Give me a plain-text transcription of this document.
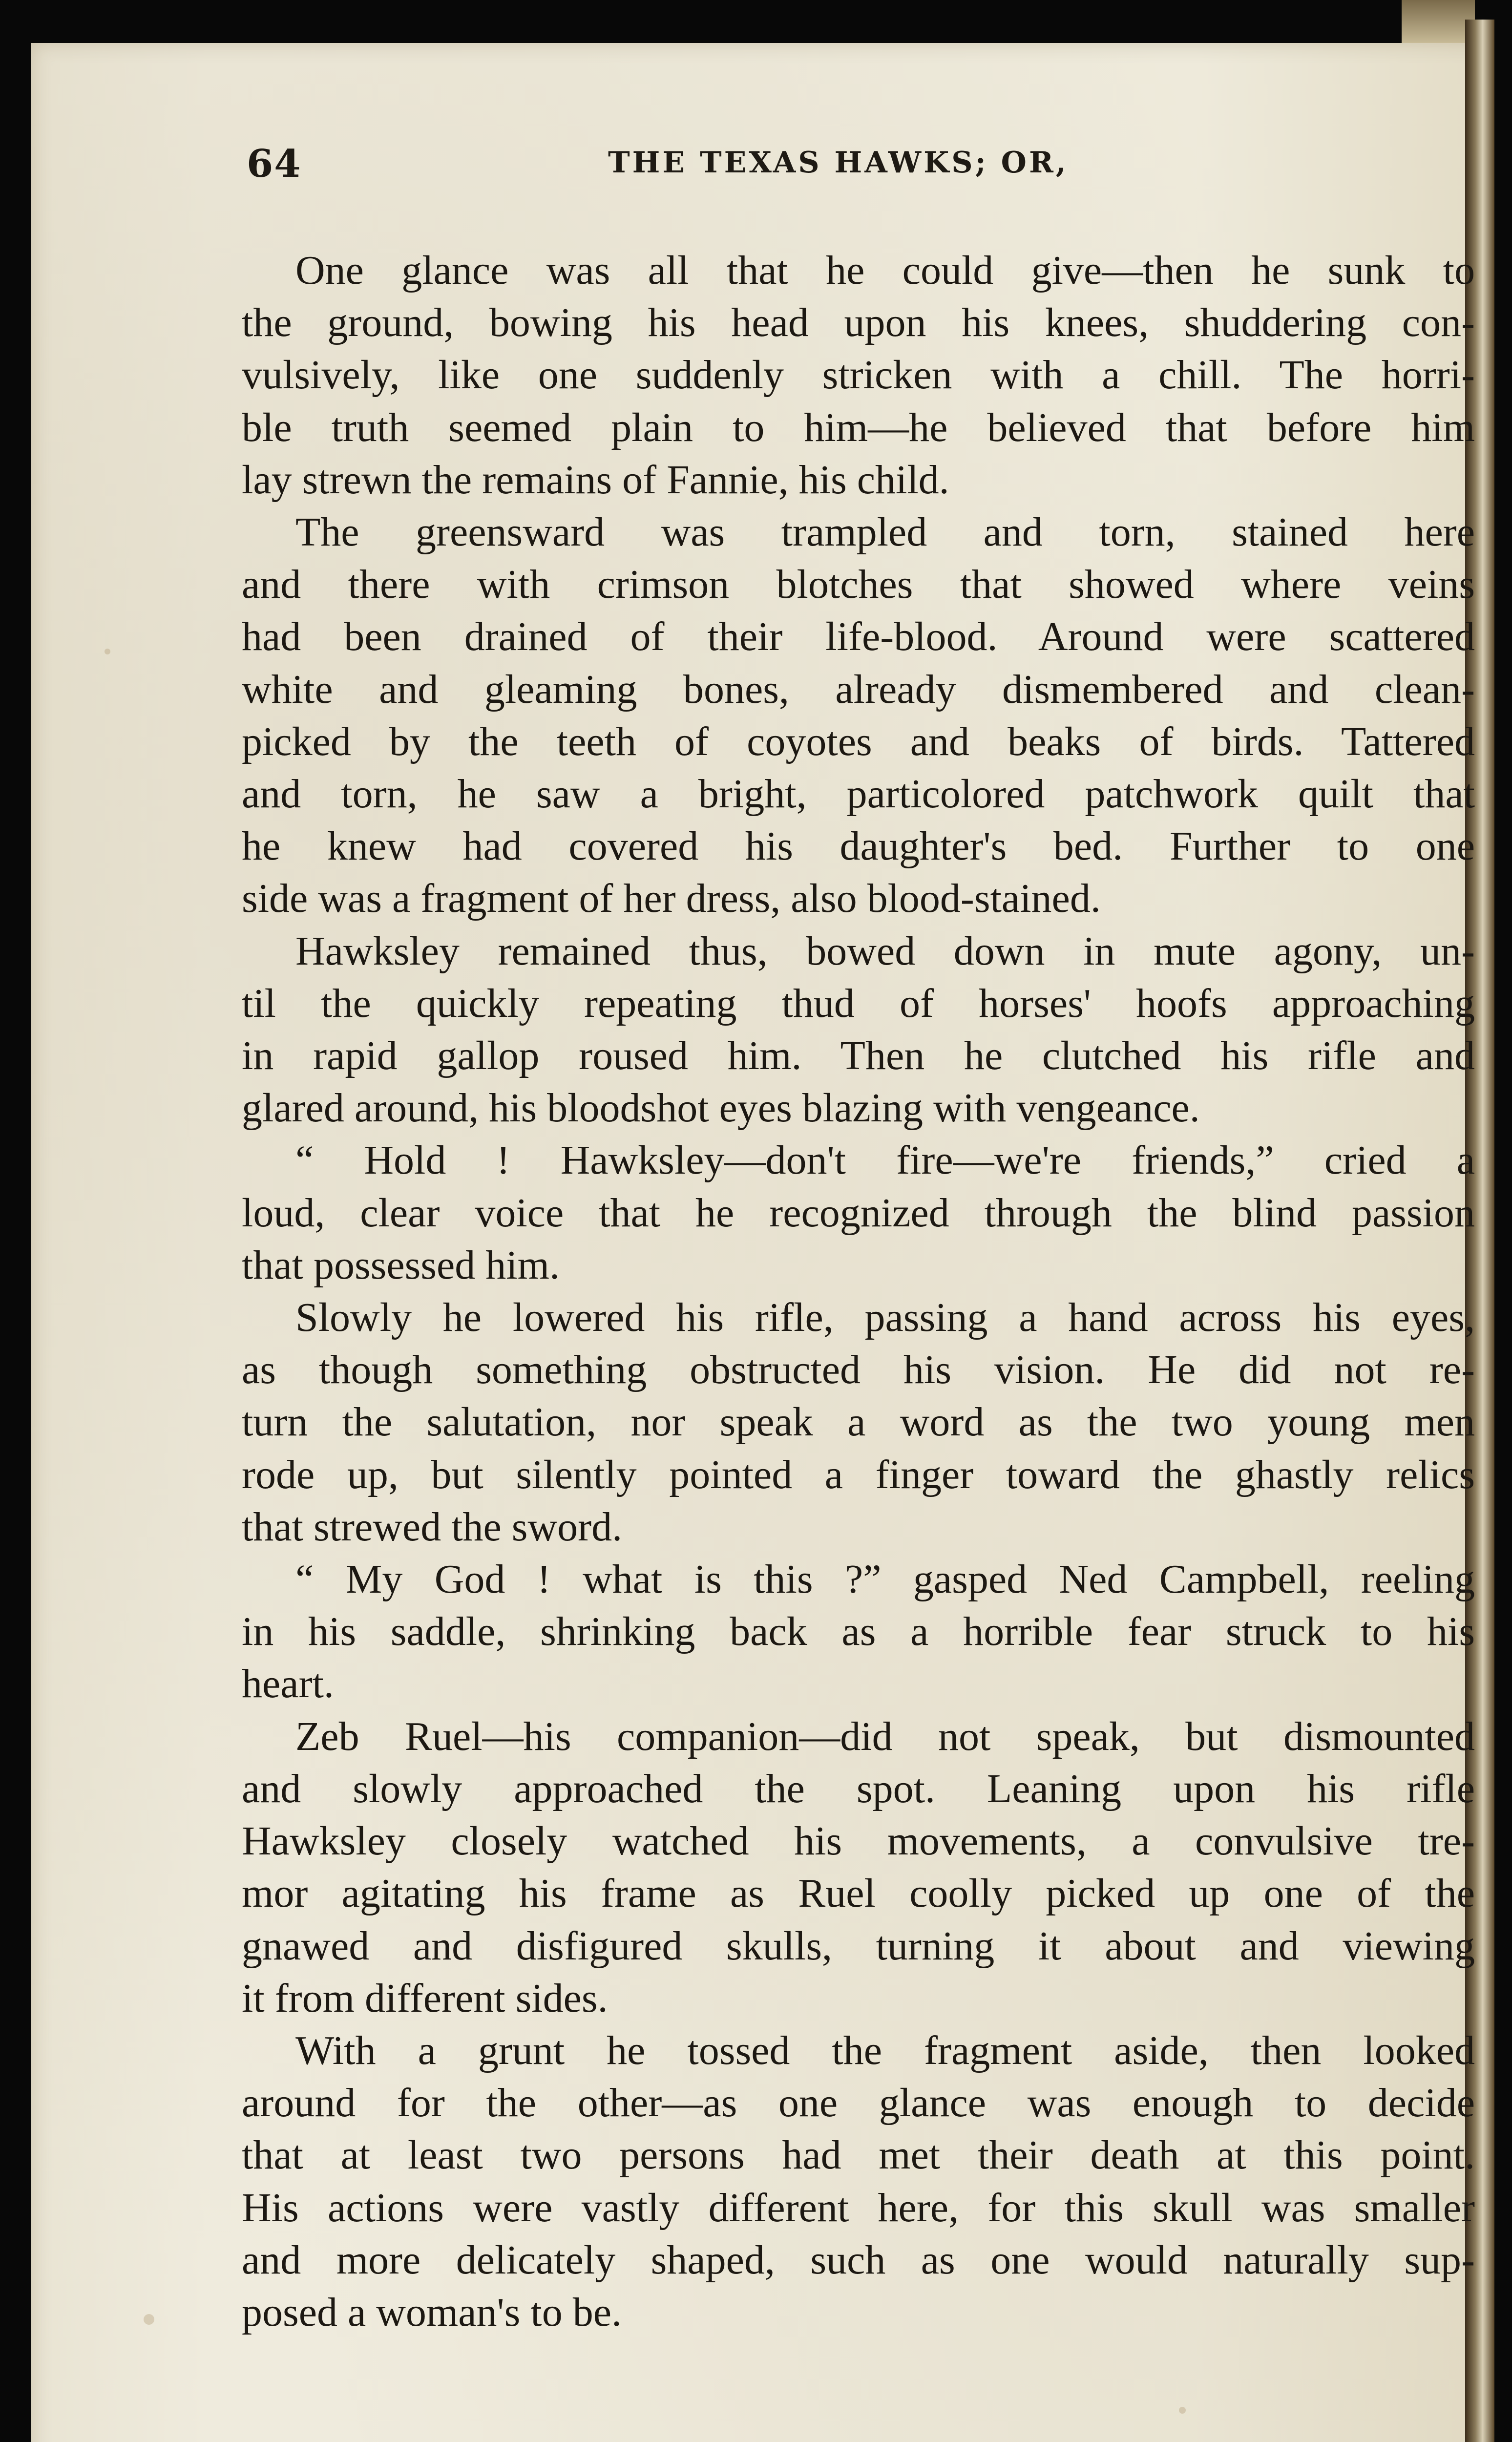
64	THE TEXAS HAWKS; OR,
One glance was all that he could give—then he sunk to
the ground, bowing his head upon his knees, shuddering con-
vulsively, like one suddenly stricken with a chill. The horri-
ble truth seemed plain to him—he believed that before him
lay strewn the remains of Fannie, his child.
The greensward was trampled and torn, stained here
and there with crimson blotches that showed where veins
had been drained of their life-blood. Around were scattered
white and gleaming bones, already dismembered and clean-
picked by the teeth of coyotes and beaks of birds. Tattered
and torn, he saw a bright, particolored patchwork quilt that
he knew had covered his daughter's bed. Further to one
side was a fragment of her dress, also blood-stained.
Hawksley remained thus, bowed down in mute agony, un-
til the quickly repeating thud of horses' hoofs approaching
in rapid gallop roused him. Then he clutched his rifle and
glared around, his bloodshot eyes blazing with vengeance.
“ Hold ! Hawksley—don't fire—we're friends,” cried a
loud, clear voice that he recognized through the blind passion
that possessed him.
Slowly he lowered his rifle, passing a hand across his eyes,
as though something obstructed his vision. He did not re-
turn the salutation, nor speak a word as the two young men
rode up, but silently pointed a finger toward the ghastly relics
that strewed the sword.
“ My God ! what is this ?” gasped Ned Campbell, reeling
in his saddle, shrinking back as a horrible fear struck to his
heart.
Zeb Ruel—his companion—did not speak, but dismounted
and slowly approached the spot. Leaning upon his rifle
Hawksley closely watched his movements, a convulsive tre-
mor agitating his frame as Ruel coolly picked up one of the
gnawed and disfigured skulls, turning it about and viewing
it from different sides.
With a grunt he tossed the fragment aside, then looked
around for the other—as one glance was enough to decide
that at least two persons had met their death at this point.
His actions were vastly different here, for this skull was smaller
and more delicately shaped, such as one would naturally sup-
posed a woman's to be.
